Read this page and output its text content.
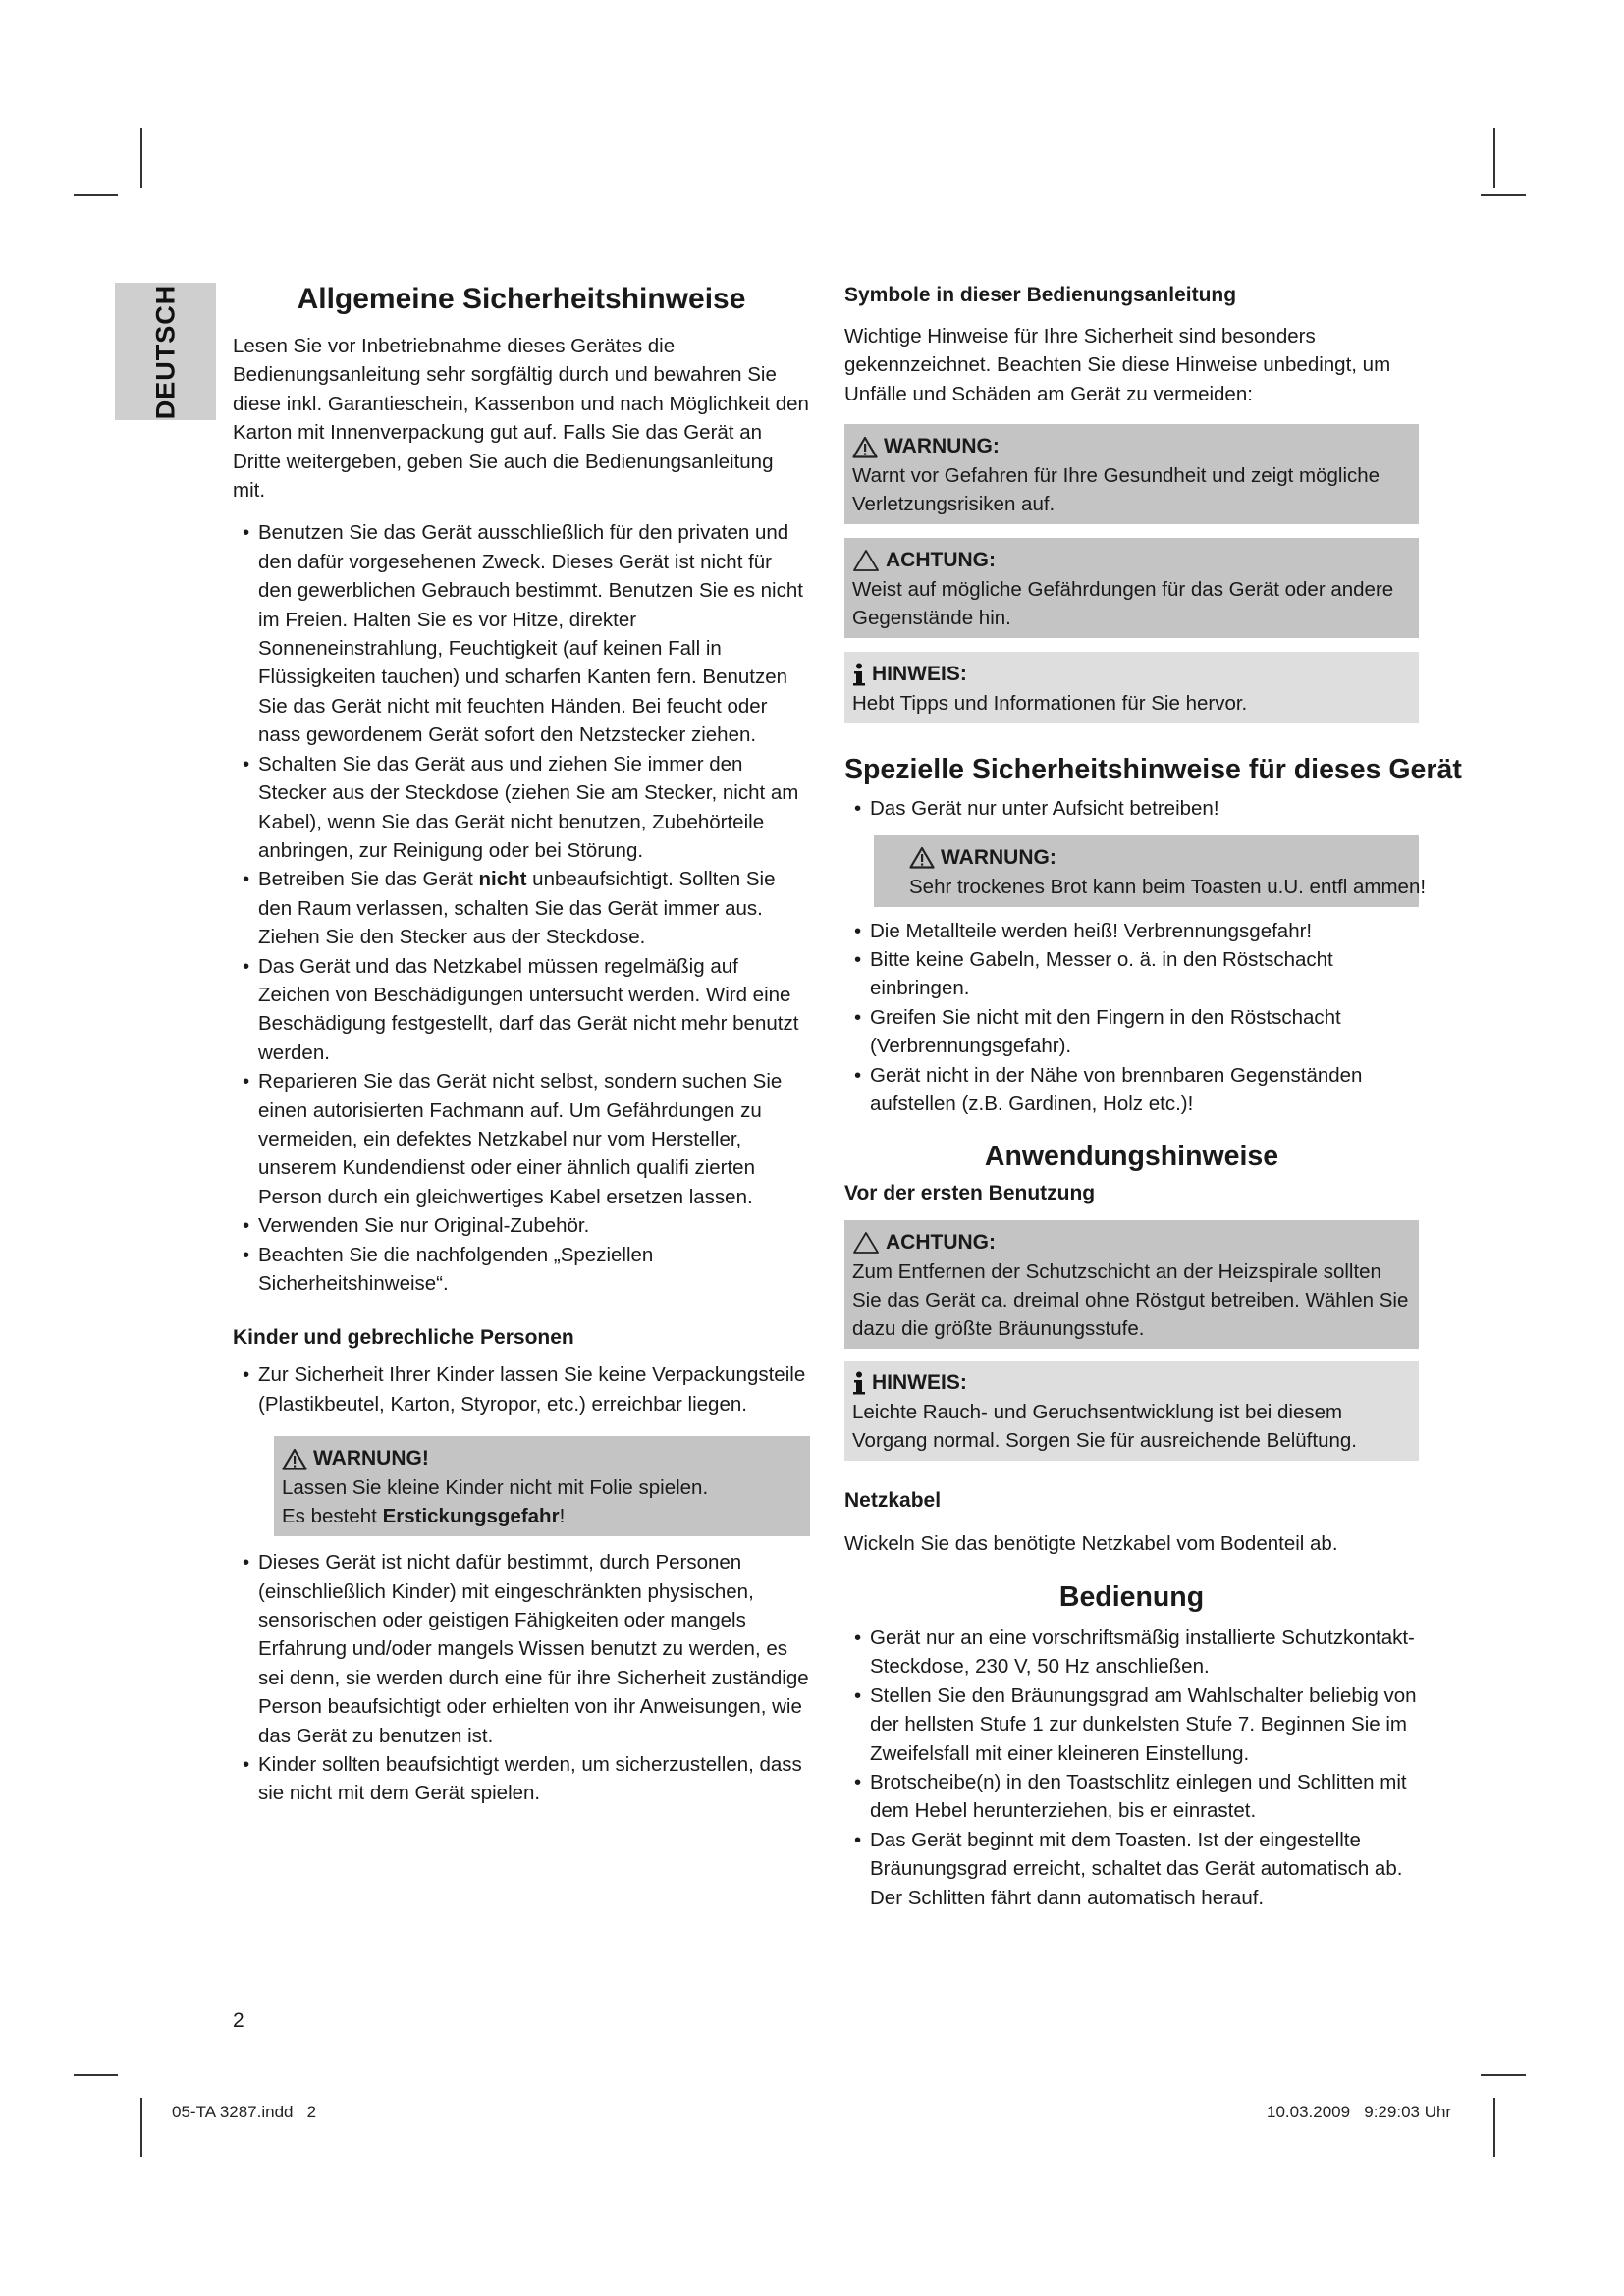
DEUTSCH	Allgemeine Sicherheitshinweise

Lesen Sie vor Inbetriebnahme dieses Gerätes die Bedienungsanleitung sehr sorgfältig durch und bewahren Sie diese inkl. Garantieschein, Kassenbon und nach Möglichkeit den Karton mit Innenverpackung gut auf. Falls Sie das Gerät an Dritte weitergeben, geben Sie auch die Bedienungsanleitung mit.

• Benutzen Sie das Gerät ausschließlich für den privaten und den dafür vorgesehenen Zweck. Dieses Gerät ist nicht für den gewerblichen Gebrauch bestimmt. Benutzen Sie es nicht im Freien. Halten Sie es vor Hitze, direkter Sonneneinstrahlung, Feuchtigkeit (auf keinen Fall in Flüssigkeiten tauchen) und scharfen Kanten fern. Benutzen Sie das Gerät nicht mit feuchten Händen. Bei feucht oder nass gewordenem Gerät sofort den Netzstecker ziehen.
• Schalten Sie das Gerät aus und ziehen Sie immer den Stecker aus der Steckdose (ziehen Sie am Stecker, nicht am Kabel), wenn Sie das Gerät nicht benutzen, Zubehörteile anbringen, zur Reinigung oder bei Störung.
• Betreiben Sie das Gerät nicht unbeaufsichtigt. Sollten Sie den Raum verlassen, schalten Sie das Gerät immer aus. Ziehen Sie den Stecker aus der Steckdose.
• Das Gerät und das Netzkabel müssen regelmäßig auf Zeichen von Beschädigungen untersucht werden. Wird eine Beschädigung festgestellt, darf das Gerät nicht mehr benutzt werden.
• Reparieren Sie das Gerät nicht selbst, sondern suchen Sie einen autorisierten Fachmann auf. Um Gefährdungen zu vermeiden, ein defektes Netzkabel nur vom Hersteller, unserem Kundendienst oder einer ähnlich qualifi zierten Person durch ein gleichwertiges Kabel ersetzen lassen.
• Verwenden Sie nur Original-Zubehör.
• Beachten Sie die nachfolgenden „Speziellen Sicherheitshinweise“.
Kinder und gebrechliche Personen
• Zur Sicherheit Ihrer Kinder lassen Sie keine Verpackungsteile (Plastikbeutel, Karton, Styropor, etc.) erreichbar liegen.
WARNUNG!

Lassen Sie kleine Kinder nicht mit Folie spielen.

Es besteht Erstickungsgefahr!

• Dieses Gerät ist nicht dafür bestimmt, durch Personen (einschließlich Kinder) mit eingeschränkten physischen, sensorischen oder geistigen Fähigkeiten oder mangels Erfahrung und/oder mangels Wissen benutzt zu werden, es sei denn, sie werden durch eine für ihre Sicherheit zuständige Person beaufsichtigt oder erhielten von ihr Anweisungen, wie das Gerät zu benutzen ist.
• Kinder sollten beaufsichtigt werden, um sicherzustellen, dass sie nicht mit dem Gerät spielen.
2
Symbole in dieser Bedienungsanleitung

Wichtige Hinweise für Ihre Sicherheit sind besonders gekennzeichnet. Beachten Sie diese Hinweise unbedingt, um Unfälle und Schäden am Gerät zu vermeiden:

WARNUNG:

Warnt vor Gefahren für Ihre Gesundheit und zeigt mögliche Verletzungsrisiken auf.

ACHTUNG:

Weist auf mögliche Gefährdungen für das Gerät oder andere Gegenstände hin.

HINWEIS:

Hebt Tipps und Informationen für Sie hervor.

Spezielle Sicherheitshinweise für dieses Gerät
• Das Gerät nur unter Aufsicht betreiben!
WARNUNG:

Sehr trockenes Brot kann beim Toasten u.U. entfl ammen!

• Die Metallteile werden heiß! Verbrennungsgefahr!
• Bitte keine Gabeln, Messer o. ä. in den Röstschacht einbringen.
• Greifen Sie nicht mit den Fingern in den Röstschacht (Verbrennungsgefahr).
• Gerät nicht in der Nähe von brennbaren Gegenständen aufstellen (z.B. Gardinen, Holz etc.)!
Anwendungshinweise
Vor der ersten Benutzung
ACHTUNG:

Zum Entfernen der Schutzschicht an der Heizspirale sollten Sie das Gerät ca. dreimal ohne Röstgut betreiben. Wählen Sie dazu die größte Bräunungsstufe.

HINWEIS:

Leichte Rauch- und Geruchsentwicklung ist bei diesem Vorgang normal. Sorgen Sie für ausreichende Belüftung.

Netzkabel

Wickeln Sie das benötigte Netzkabel vom Bodenteil ab.

Bedienung
• Gerät nur an eine vorschriftsmäßig installierte Schutzkontakt-Steckdose, 230 V, 50 Hz anschließen.
• Stellen Sie den Bräunungsgrad am Wahlschalter beliebig von der hellsten Stufe 1 zur dunkelsten Stufe 7. Beginnen Sie im Zweifelsfall mit einer kleineren Einstellung.
• Brotscheibe(n) in den Toastschlitz einlegen und Schlitten mit dem Hebel herunterziehen, bis er einrastet.
• Das Gerät beginnt mit dem Toasten. Ist der eingestellte Bräunungsgrad erreicht, schaltet das Gerät automatisch ab. Der Schlitten fährt dann automatisch herauf.
05-TA 3287.indd   2	10.03.2009   9:29:03 Uhr
